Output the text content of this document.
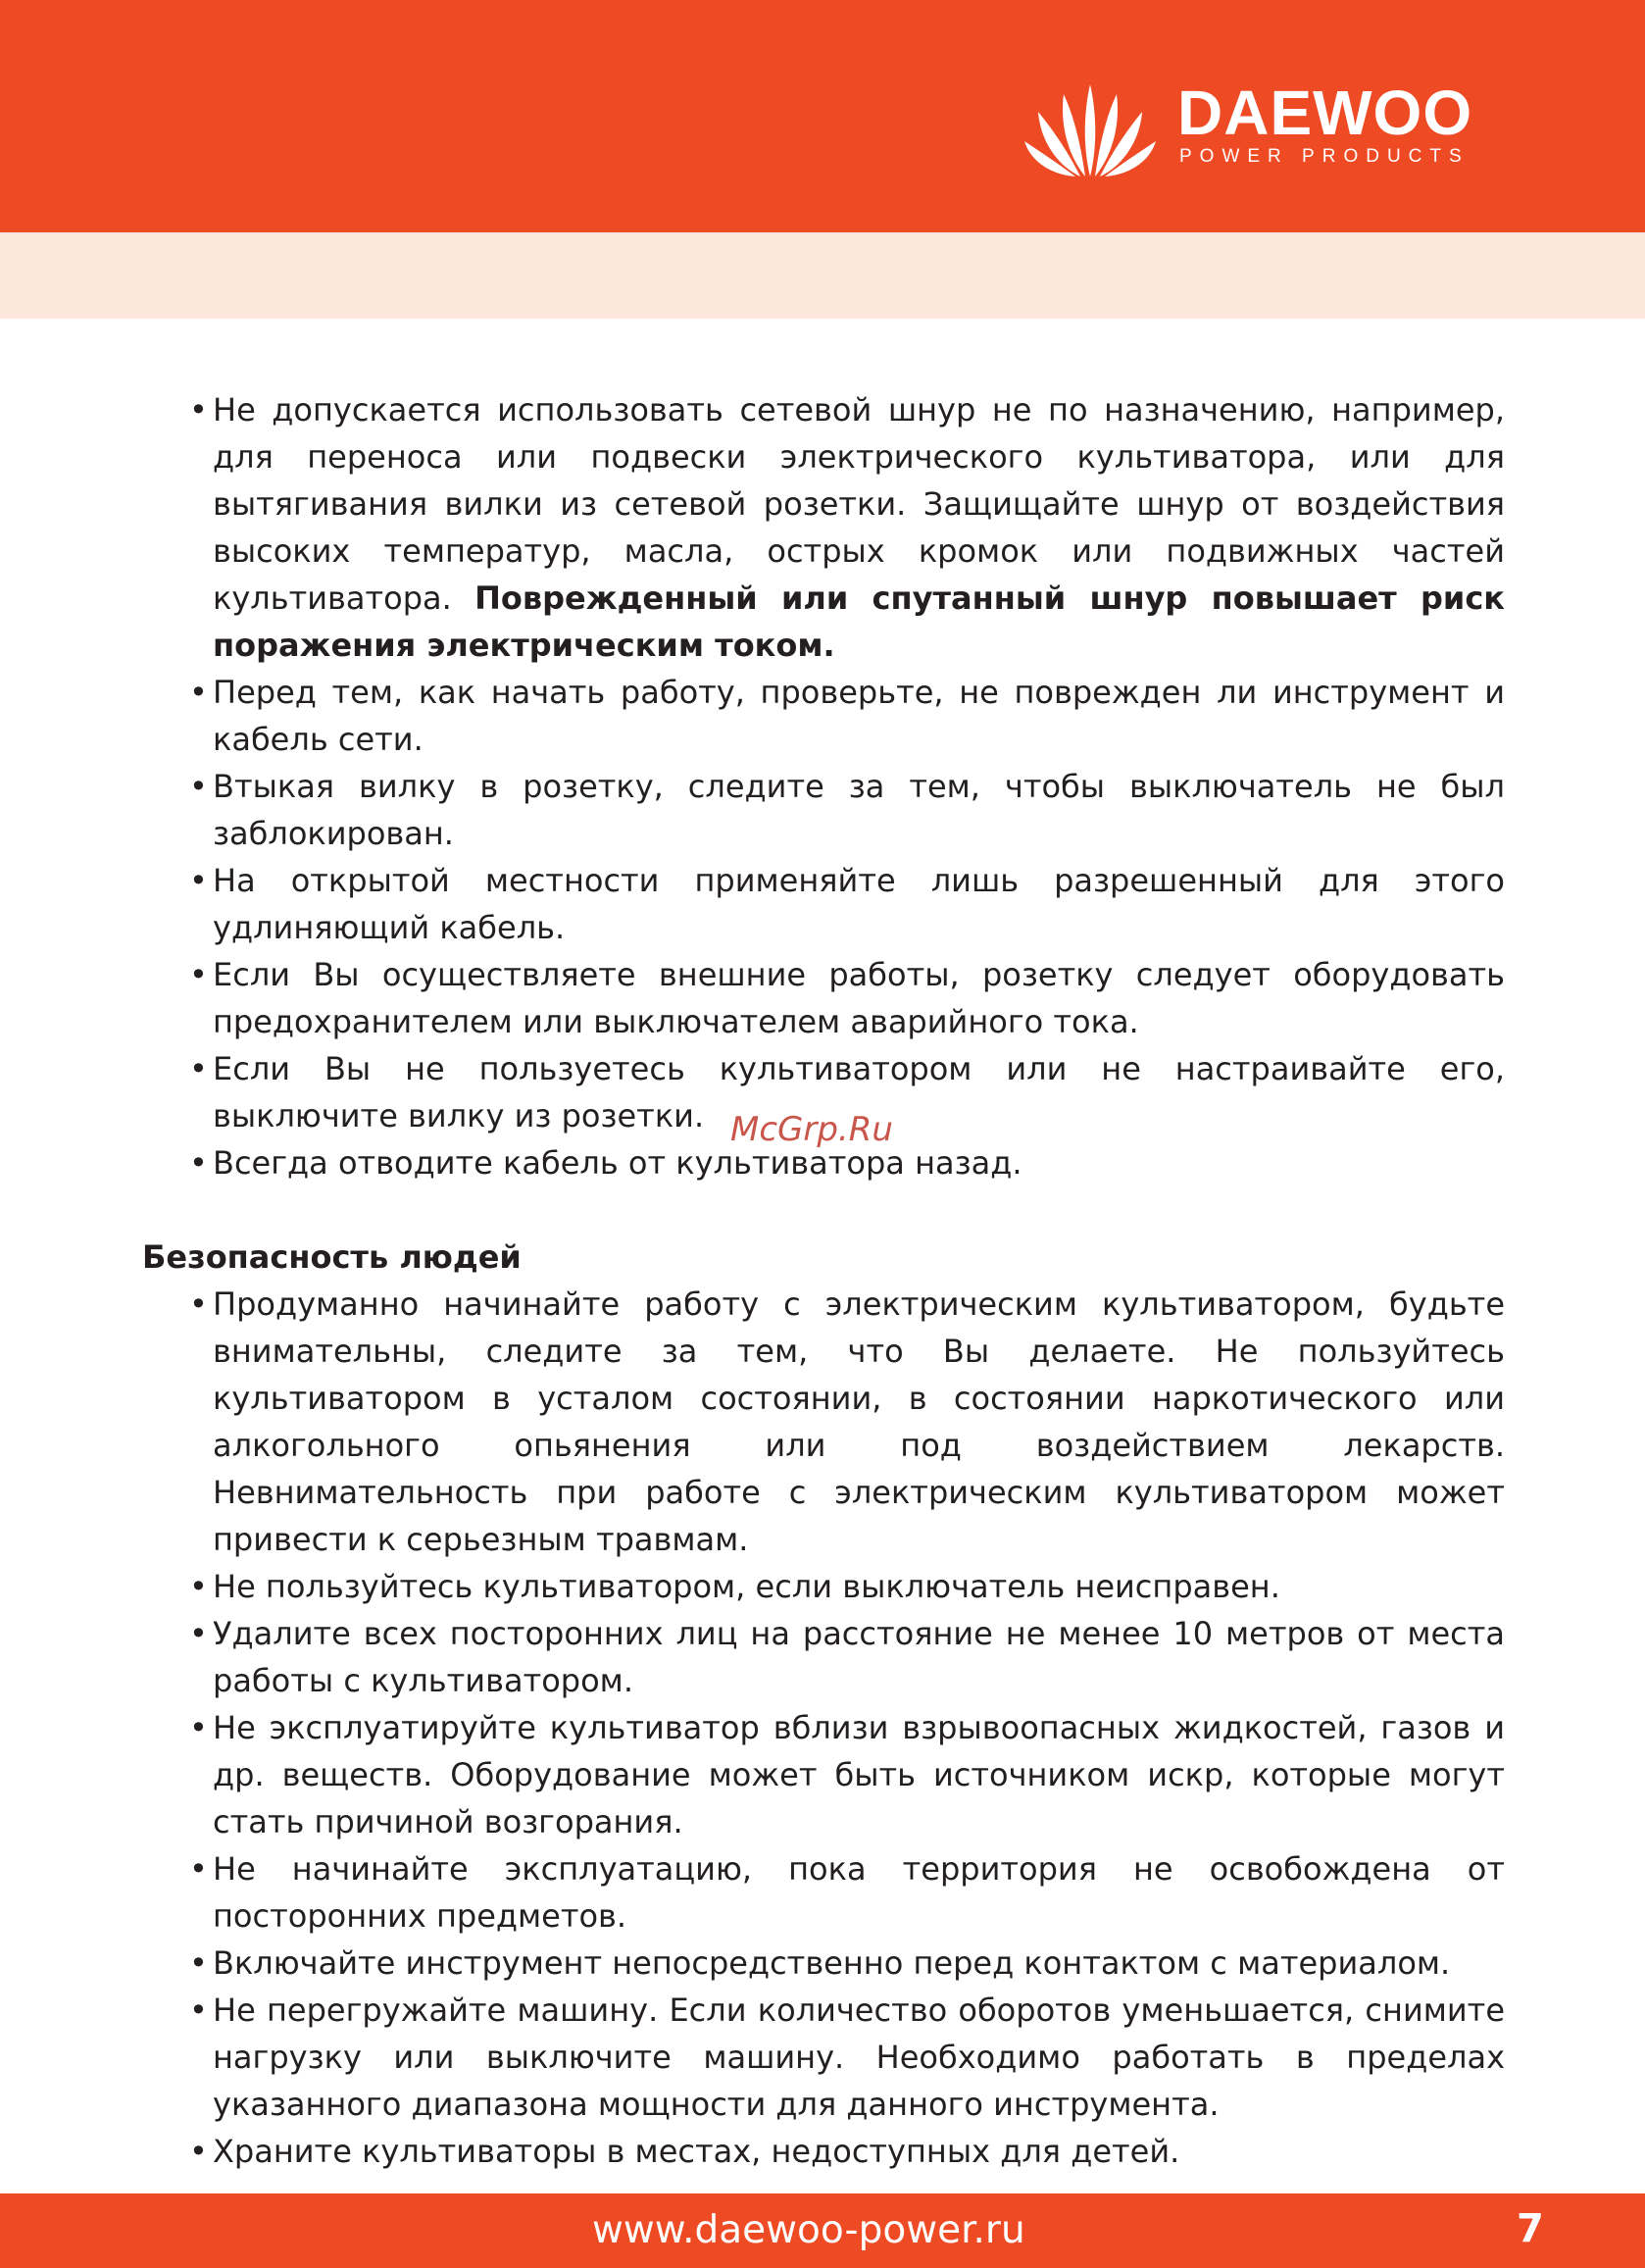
DAEWOO
POWER PRODUCTS
• Не допускается использовать сетевой шнур не по назначению, например, для переноса или подвески электрического культиватора, или для вытягивания вилки из сетевой розетки. Защищайте шнур от воздействия высоких температур, масла, острых кромок или подвижных частей культиватора. Поврежденный или спутанный шнур повышает риск поражения электрическим током.
• Перед тем, как начать работу, проверьте, не поврежден ли инструмент и кабель сети.
• Втыкая вилку в розетку, следите за тем, чтобы выключатель не был заблокирован.
• На открытой местности применяйте лишь разрешенный для этого удлиняющий кабель.
• Если Вы осуществляете внешние работы, розетку следует оборудовать предохранителем или выключателем аварийного тока.
• Если Вы не пользуетесь культиватором или не настраивайте его, выключите вилку из розетки.
• Всегда отводите кабель от культиватора назад.
McGrp.Ru
Безопасность людей
• Продуманно начинайте работу с электрическим культиватором, будьте внимательны, следите за тем, что Вы делаете. Не пользуйтесь культиватором в усталом состоянии, в состоянии наркотического или алкогольного опьянения или под воздействием лекарств. Невнимательность при работе с электрическим культиватором может привести к серьезным травмам.
• Не пользуйтесь культиватором, если выключатель неисправен.
• Удалите всех посторонних лиц на расстояние не менее 10 метров от места работы с культиватором.
• Не эксплуатируйте культиватор вблизи взрывоопасных жидкостей, газов и др. веществ. Оборудование может быть источником искр, которые могут стать причиной возгорания.
• Не начинайте эксплуатацию, пока территория не освобождена от посторонних предметов.
• Включайте инструмент непосредственно перед контактом с материалом.
• Не перегружайте машину. Если количество оборотов уменьшается, снимите нагрузку или выключите машину. Необходимо работать в пределах указанного диапазона мощности для данного инструмента.
• Храните культиваторы в местах, недоступных для детей.
www.daewoo-power.ru	7
